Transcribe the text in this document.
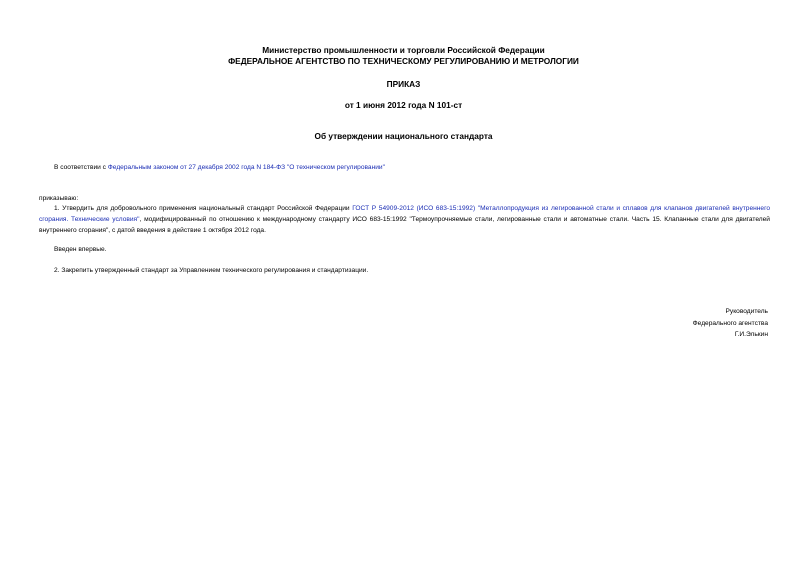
Министерство промышленности и торговли Российской Федерации
ФЕДЕРАЛЬНОЕ АГЕНТСТВО ПО ТЕХНИЧЕСКОМУ РЕГУЛИРОВАНИЮ И МЕТРОЛОГИИ
ПРИКАЗ
от 1 июня 2012 года N 101-ст
Об утверждении национального стандарта
В соответствии с Федеральным законом от 27 декабря 2002 года N 184-ФЗ "О техническом регулировании"
приказываю:
1. Утвердить для добровольного применения национальный стандарт Российской Федерации ГОСТ Р 54909-2012 (ИСО 683-15:1992) "Металлопродукция из легированной стали и сплавов для клапанов двигателей внутреннего сгорания. Технические условия", модифицированный по отношению к международному стандарту ИСО 683-15:1992 "Термоупрочняемые стали, легированные стали и автоматные стали. Часть 15. Клапанные стали для двигателей внутреннего сгорания", с датой введения в действие 1 октября 2012 года.
Введен впервые.
2. Закрепить утвержденный стандарт за Управлением технического регулирования и стандартизации.
Руководитель
Федерального агентства
Г.И.Элькин
